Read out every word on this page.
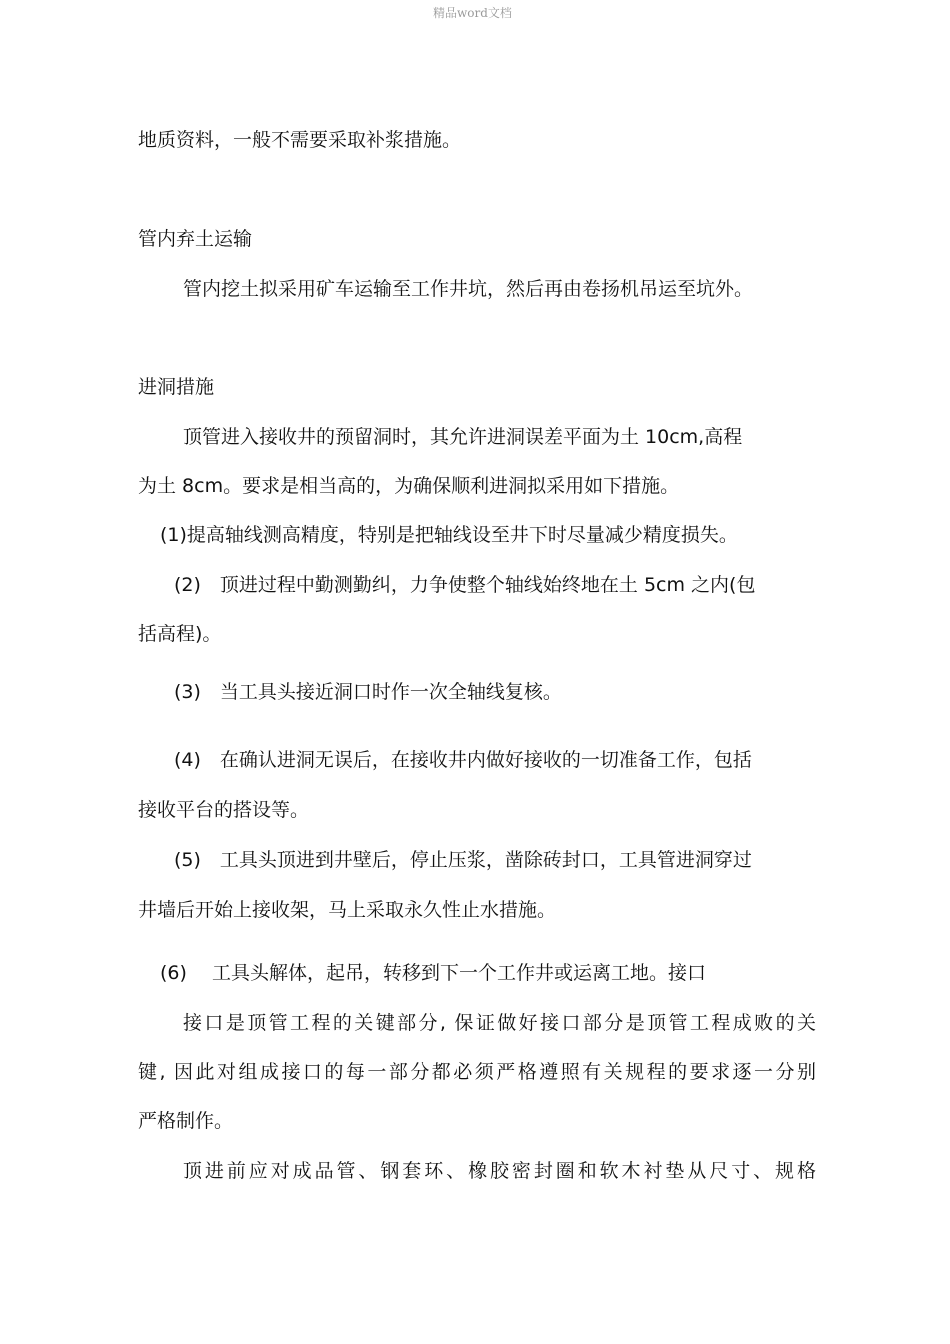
精品word文档
地质资料，一般不需要采取补浆措施。
管内弃土运输
管内挖土拟采用矿车运输至工作井坑，然后再由卷扬机吊运至坑外。
进洞措施
顶管进入接收井的预留洞时，其允许进洞误差平面为土 10cm,高程
为土 8cm。要求是相当高的，为确保顺利进洞拟采用如下措施。
(1)提高轴线测高精度，特别是把轴线设至井下时尽量减少精度损失。
(2)　顶进过程中勤测勤纠，力争使整个轴线始终地在土 5cm 之内(包
括高程)。
(3)　当工具头接近洞口时作一次全轴线复核。
(4)　在确认进洞无误后，在接收井内做好接收的一切准备工作，包括
接收平台的搭设等。
(5)　工具头顶进到井壁后，停止压浆，凿除砖封口，工具管进洞穿过
井墙后开始上接收架，马上采取永久性止水措施。
(6)　 工具头解体，起吊，转移到下一个工作井或运离工地。接口
接口是顶管工程的关键部分, 保证做好接口部分是顶管工程成败的关
键, 因此对组成接口的每一部分都必须严格遵照有关规程的要求逐一分别
严格制作。
顶进前应对成品管、钢套环、橡胶密封圈和软木衬垫从尺寸、规格
